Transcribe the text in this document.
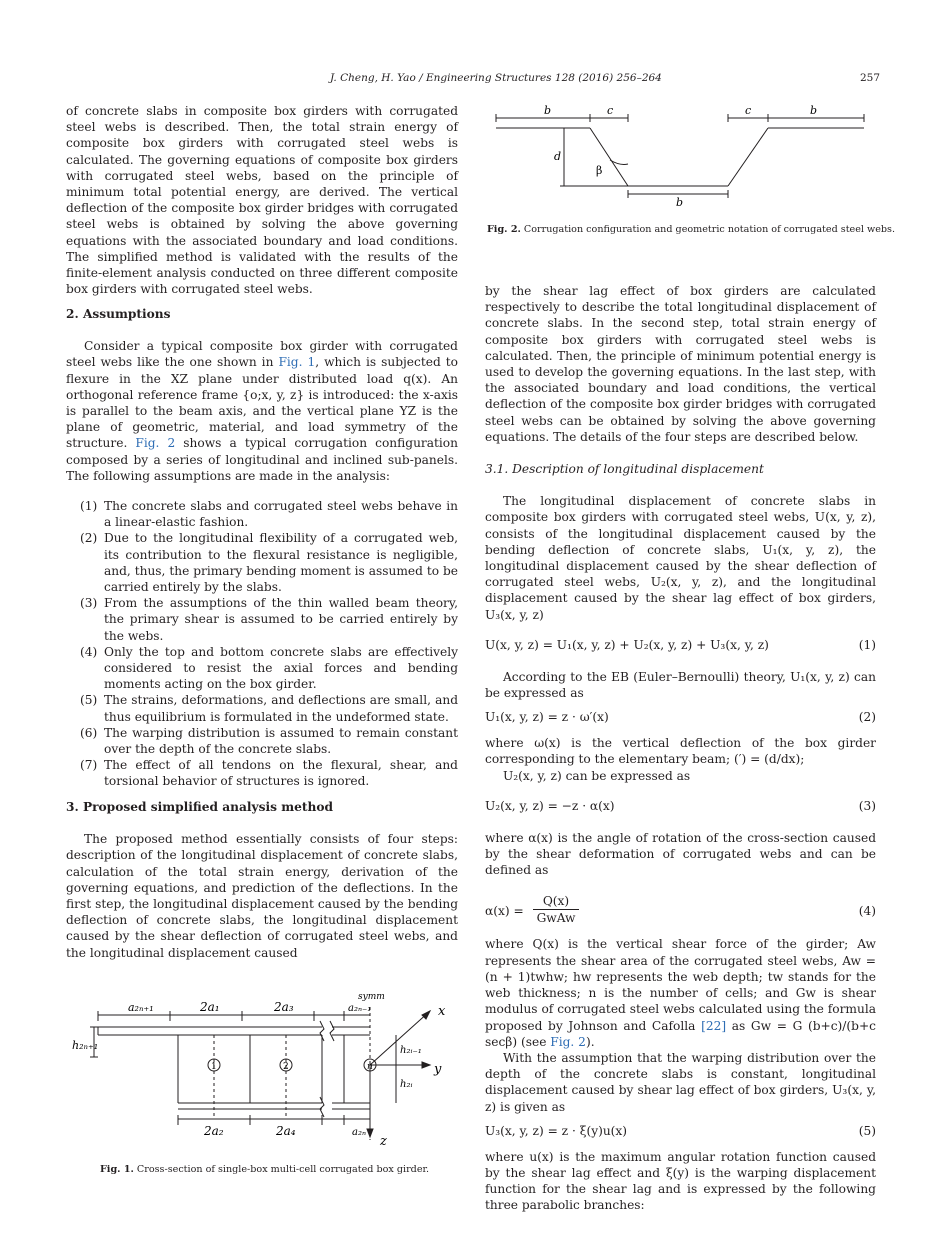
J. Cheng, H. Yao / Engineering Structures 128 (2016) 256–264	257

of concrete slabs in composite box girders with corrugated steel webs is described. Then, the total strain energy of composite box girders with corrugated steel webs is calculated. The governing equations of composite box girders with corrugated steel webs, based on the principle of minimum total potential energy, are derived. The vertical deflection of the composite box girder bridges with corrugated steel webs is obtained by solving the above governing equations with the associated boundary and load conditions. The simplified method is validated with the results of the finite-element analysis conducted on three different composite box girders with corrugated steel webs.

2. Assumptions

Consider a typical composite box girder with corrugated steel webs like the one shown in Fig. 1, which is subjected to flexure in the XZ plane under distributed load q(x). An orthogonal reference frame {o;x, y, z} is introduced: the x-axis is parallel to the beam axis, and the vertical plane YZ is the plane of geometric, material, and load symmetry of the structure. Fig. 2 shows a typical corrugation configuration composed by a series of longitudinal and inclined sub-panels. The following assumptions are made in the analysis:

(1) The concrete slabs and corrugated steel webs behave in a linear-elastic fashion.
(2) Due to the longitudinal flexibility of a corrugated web, its contribution to the flexural resistance is negligible, and, thus, the primary bending moment is assumed to be carried entirely by the slabs.
(3) From the assumptions of the thin walled beam theory, the primary shear is assumed to be carried entirely by the webs.
(4) Only the top and bottom concrete slabs are effectively considered to resist the axial forces and bending moments acting on the box girder.
(5) The strains, deformations, and deflections are small, and thus equilibrium is formulated in the undeformed state.
(6) The warping distribution is assumed to remain constant over the depth of the concrete slabs.
(7) The effect of all tendons on the flexural, shear, and torsional behavior of structures is ignored.
3. Proposed simplified analysis method

The proposed method essentially consists of four steps: description of the longitudinal displacement of concrete slabs, calculation of the total strain energy, derivation of the governing equations, and prediction of the deflections. In the first step, the longitudinal displacement caused by the bending deflection of concrete slabs, the longitudinal displacement caused by the shear deflection of corrugated steel webs, and the longitudinal displacement caused

symm
x
y
z
a₂ₙ₊₁	2a₁	2a₃	a₂ₙ₋₁
2a₂	2a₄	a₂ₙ
h₂ₙ₊₁	h₂ᵢ₋₁
h₂ᵢ
1	2	n
Fig. 1. Cross-section of single-box multi-cell corrugated box girder.
b	c	c	b
d
β
b
Fig. 2. Corrugation configuration and geometric notation of corrugated steel webs.

by the shear lag effect of box girders are calculated respectively to describe the total longitudinal displacement of concrete slabs. In the second step, total strain energy of composite box girders with corrugated steel webs is calculated. Then, the principle of minimum potential energy is used to develop the governing equations. In the last step, with the associated boundary and load conditions, the vertical deflection of the composite box girder bridges with corrugated steel webs can be obtained by solving the above governing equations. The details of the four steps are described below.

3.1. Description of longitudinal displacement

The longitudinal displacement of concrete slabs in composite box girders with corrugated steel webs, U(x, y, z), consists of the longitudinal displacement caused by the bending deflection of concrete slabs, U₁(x, y, z), the longitudinal displacement caused by the shear deflection of corrugated steel webs, U₂(x, y, z), and the longitudinal displacement caused by the shear lag effect of box girders, U₃(x, y, z)

U(x, y, z) = U₁(x, y, z) + U₂(x, y, z) + U₃(x, y, z)	(1)

According to the EB (Euler–Bernoulli) theory, U₁(x, y, z) can be expressed as

U₁(x, y, z) = z · ω′(x)	(2)

where ω(x) is the vertical deflection of the box girder corresponding to the elementary beam; (′) = (d/dx);

U₂(x, y, z) can be expressed as

U₂(x, y, z) = −z · α(x)	(3)

where α(x) is the angle of rotation of the cross-section caused by the shear deformation of corrugated webs and can be defined as

α(x) =
Q(x)
GwAw	(4)

where Q(x) is the vertical shear force of the girder; Aw represents the shear area of the corrugated steel webs, Aw = (n + 1)twhw; hw represents the web depth; tw stands for the web thickness; n is the number of cells; and Gw is shear modulus of corrugated steel webs calculated using the formula proposed by Johnson and Cafolla [22] as Gw = G (b+c)/(b+c secβ) (see Fig. 2).

With the assumption that the warping distribution over the depth of the concrete slabs is constant, longitudinal displacement caused by shear lag effect of box girders, U₃(x, y, z) is given as

U₃(x, y, z) = z · ξ(y)u(x)	(5)

where u(x) is the maximum angular rotation function caused by the shear lag effect and ξ(y) is the warping displacement function for the shear lag and is expressed by the following three parabolic branches:
